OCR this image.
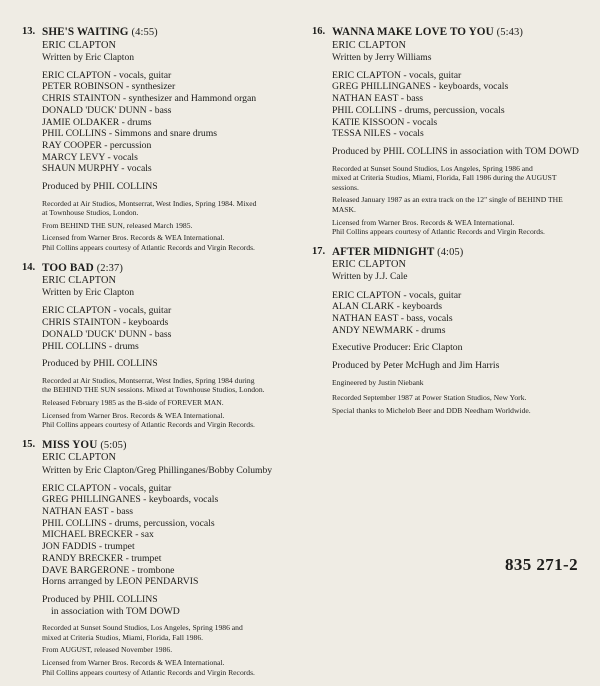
13. SHE'S WAITING (4:55)
ERIC CLAPTON
Written by Eric Clapton
ERIC CLAPTON - vocals, guitar
PETER ROBINSON - synthesizer
CHRIS STAINTON - synthesizer and Hammond organ
DONALD 'DUCK' DUNN - bass
JAMIE OLDAKER - drums
PHIL COLLINS - Simmons and snare drums
RAY COOPER - percussion
MARCY LEVY - vocals
SHAUN MURPHY - vocals
Produced by PHIL COLLINS
Recorded at Air Studios, Montserrat, West Indies, Spring 1984. Mixed
at Townhouse Studios, London.
From BEHIND THE SUN, released March 1985.
Licensed from Warner Bros. Records & WEA International.
Phil Collins appears courtesy of Atlantic Records and Virgin Records.
14. TOO BAD (2:37)
ERIC CLAPTON
Written by Eric Clapton
ERIC CLAPTON - vocals, guitar
CHRIS STAINTON - keyboards
DONALD 'DUCK' DUNN - bass
PHIL COLLINS - drums
Produced by PHIL COLLINS
Recorded at Air Studios, Montserrat, West Indies, Spring 1984 during
the BEHIND THE SUN sessions. Mixed at Townhouse Studios, London.
Released February 1985 as the B-side of FOREVER MAN.
Licensed from Warner Bros. Records & WEA International.
Phil Collins appears courtesy of Atlantic Records and Virgin Records.
15. MISS YOU (5:05)
ERIC CLAPTON
Written by Eric Clapton/Greg Phillinganes/Bobby Columby
ERIC CLAPTON - vocals, guitar
GREG PHILLINGANES - keyboards, vocals
NATHAN EAST - bass
PHIL COLLINS - drums, percussion, vocals
MICHAEL BRECKER - sax
JON FADDIS - trumpet
RANDY BRECKER - trumpet
DAVE BARGERONE - trombone
Horns arranged by LEON PENDARVIS
Produced by PHIL COLLINS
in association with TOM DOWD
Recorded at Sunset Sound Studios, Los Angeles, Spring 1986 and
mixed at Criteria Studios, Miami, Florida, Fall 1986.
From AUGUST, released November 1986.
Licensed from Warner Bros. Records & WEA International.
Phil Collins appears courtesy of Atlantic Records and Virgin Records.
16. WANNA MAKE LOVE TO YOU (5:43)
ERIC CLAPTON
Written by Jerry Williams
ERIC CLAPTON - vocals, guitar
GREG PHILLINGANES - keyboards, vocals
NATHAN EAST - bass
PHIL COLLINS - drums, percussion, vocals
KATIE KISSOON - vocals
TESSA NILES - vocals
Produced by PHIL COLLINS in association with TOM DOWD
Recorded at Sunset Sound Studios, Los Angeles, Spring 1986 and
mixed at Criteria Studios, Miami, Florida, Fall 1986 during the AUGUST sessions.
Released January 1987 as an extra track on the 12" single of BEHIND THE MASK.
Licensed from Warner Bros. Records & WEA International.
Phil Collins appears courtesy of Atlantic Records and Virgin Records.
17. AFTER MIDNIGHT (4:05)
ERIC CLAPTON
Written by J.J. Cale
ERIC CLAPTON - vocals, guitar
ALAN CLARK - keyboards
NATHAN EAST - bass, vocals
ANDY NEWMARK - drums
Executive Producer: Eric Clapton
Produced by Peter McHugh and Jim Harris
Engineered by Justin Niebank
Recorded September 1987 at Power Station Studios, New York.
Special thanks to Michelob Beer and DDB Needham Worldwide.
835 271-2
